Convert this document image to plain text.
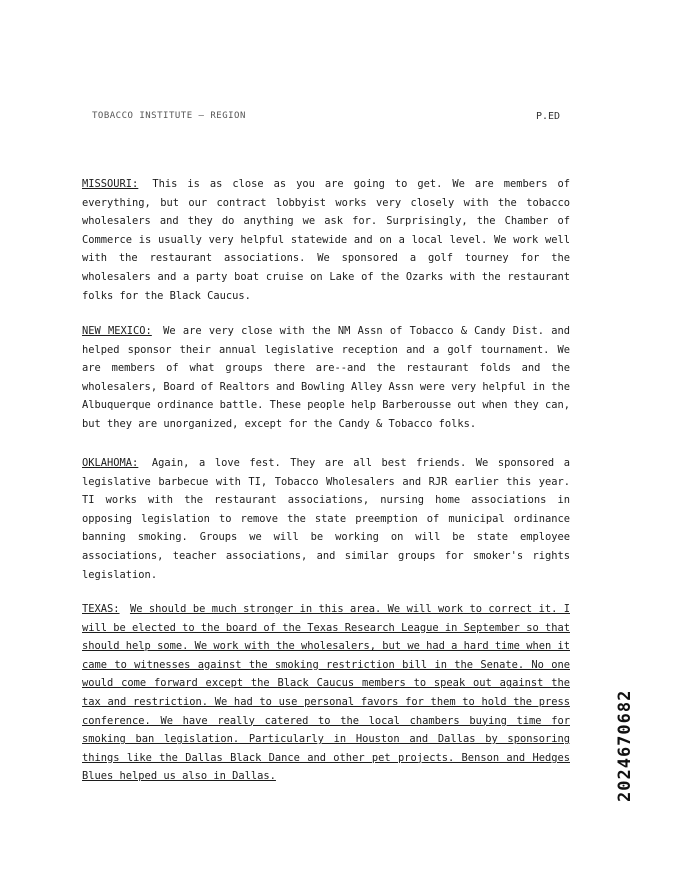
TOBACCO INSTITUTE — REGION	P.ED
MISSOURI: This is as close as you are going to get. We are members of everything, but our contract lobbyist works very closely with the tobacco wholesalers and they do anything we ask for. Surprisingly, the Chamber of Commerce is usually very helpful statewide and on a local level. We work well with the restaurant associations. We sponsored a golf tourney for the wholesalers and a party boat cruise on Lake of the Ozarks with the restaurant folks for the Black Caucus.
NEW MEXICO: We are very close with the NM Assn of Tobacco & Candy Dist. and helped sponsor their annual legislative reception and a golf tournament. We are members of what groups there are--and the restaurant folds and the wholesalers, Board of Realtors and Bowling Alley Assn were very helpful in the Albuquerque ordinance battle. These people help Barberousse out when they can, but they are unorganized, except for the Candy & Tobacco folks.
OKLAHOMA: Again, a love fest. They are all best friends. We sponsored a legislative barbecue with TI, Tobacco Wholesalers and RJR earlier this year. TI works with the restaurant associations, nursing home associations in opposing legislation to remove the state preemption of municipal ordinance banning smoking. Groups we will be working on will be state employee associations, teacher associations, and similar groups for smoker's rights legislation.
TEXAS: We should be much stronger in this area. We will work to correct it. I will be elected to the board of the Texas Research League in September so that should help some. We work with the wholesalers, but we had a hard time when it came to witnesses against the smoking restriction bill in the Senate. No one would come forward except the Black Caucus members to speak out against the tax and restriction. We had to use personal favors for them to hold the press conference. We have really catered to the local chambers buying time for smoking ban legislation. Particularly in Houston and Dallas by sponsoring things like the Dallas Black Dance and other pet projects. Benson and Hedges Blues helped us also in Dallas.	2024670682
